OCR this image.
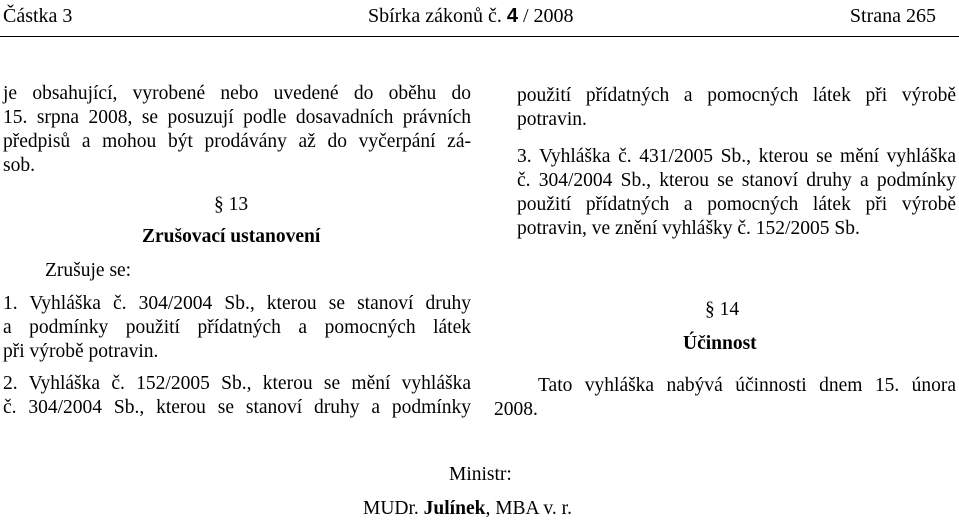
Částka 3	Sbírka zákonů č. 4 / 2008	Strana 265
je obsahující, vyrobené nebo uvedené do oběhu do
15. srpna 2008, se posuzují podle dosavadních právních
předpisů a mohou být prodávány až do vyčerpání zá-
sob.
§ 13
Zrušovací ustanovení
Zrušuje se:
1. Vyhláška č. 304/2004 Sb., kterou se stanoví druhy
a podmínky použití přídatných a pomocných látek
při výrobě potravin.
2. Vyhláška č. 152/2005 Sb., kterou se mění vyhláška
č. 304/2004 Sb., kterou se stanoví druhy a podmínky
použití přídatných a pomocných látek při výrobě
potravin.
3. Vyhláška č. 431/2005 Sb., kterou se mění vyhláška
č. 304/2004 Sb., kterou se stanoví druhy a podmínky
použití přídatných a pomocných látek při výrobě
potravin, ve znění vyhlášky č. 152/2005 Sb.
§ 14
Účinnost
Tato vyhláška nabývá účinnosti dnem 15. února
2008.
Ministr:
MUDr. Julínek, MBA v. r.
